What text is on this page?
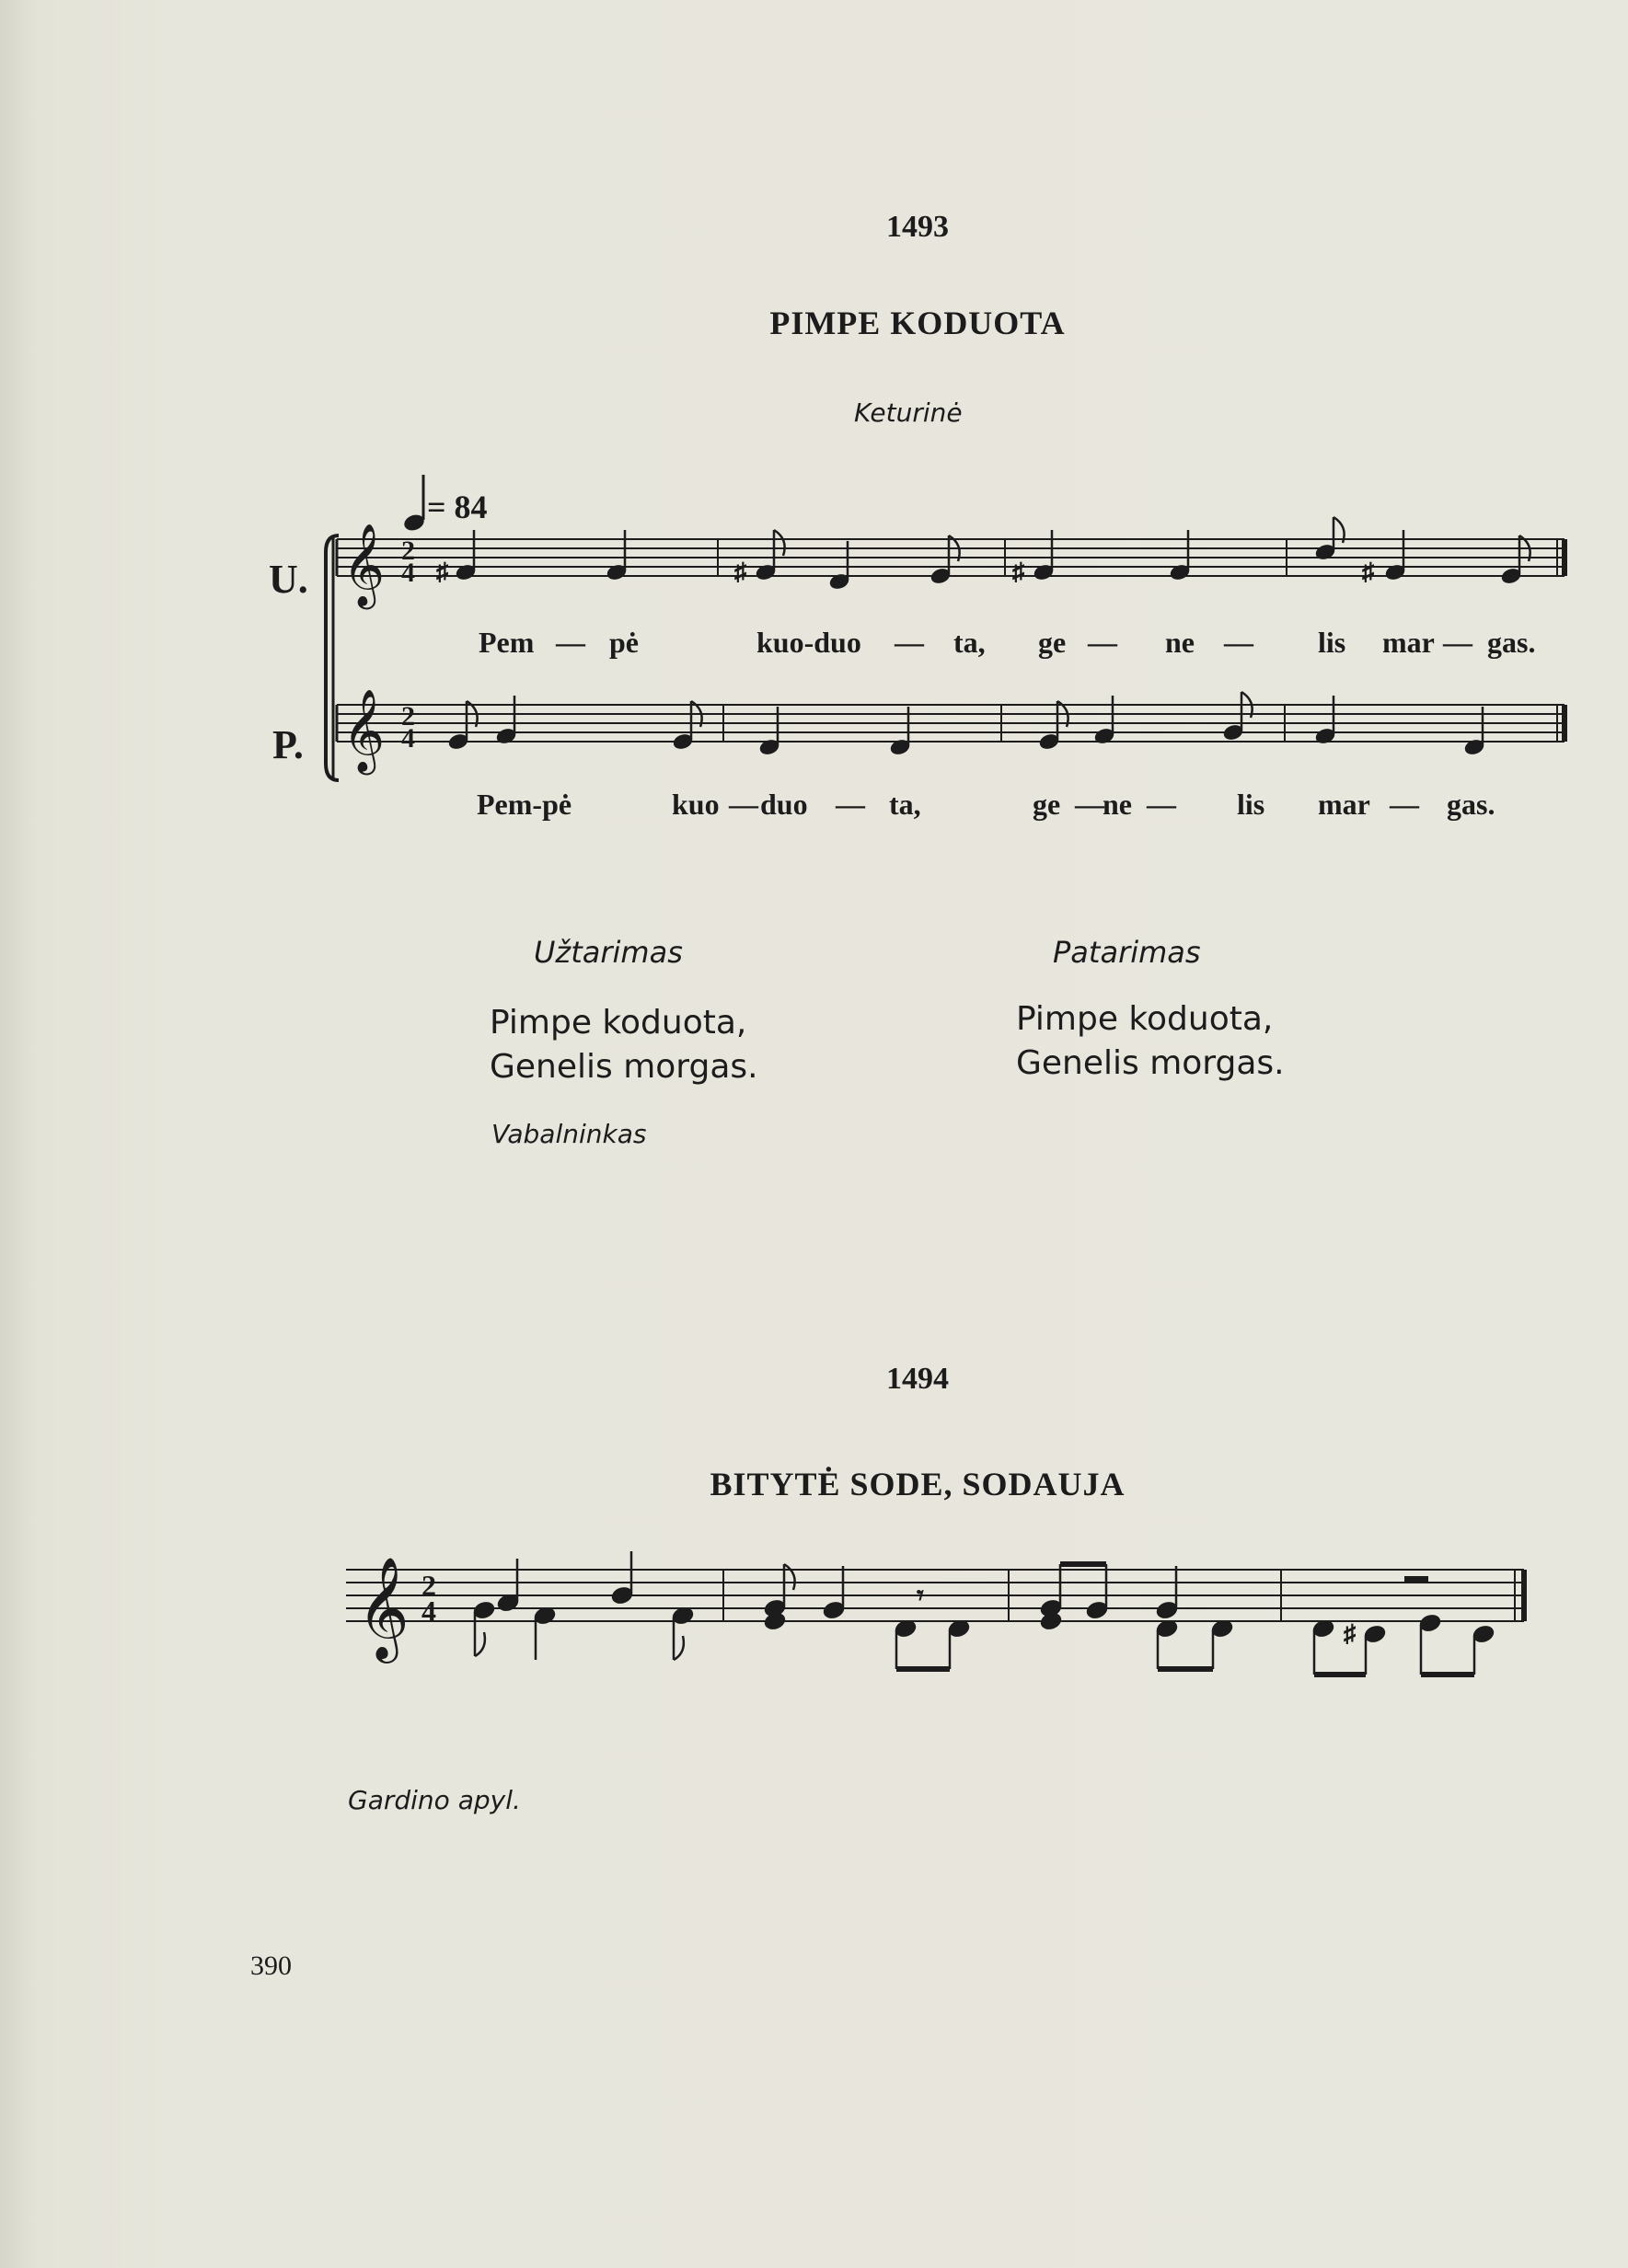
1493
PIMPE KODUOTA
Keturinė
= 84
U.
P.
𝄞 2
4 ♯	♯	♯	♯
𝄞 2
4
Pem — pė	kuo-duo — ta, ge — ne — lis mar — gas.
Pem-pė	kuo — duo — ta,	ge —
ne — lis mar — gas.
Užtarimas
Pimpe koduota,
Genelis morgas.
Patarimas
Pimpe koduota,
Genelis morgas.
Vabalninkas
1494
BITYTĖ SODE, SODAUJA
𝄞 2
4	𝄾
♯
Gardino apyl.
390
